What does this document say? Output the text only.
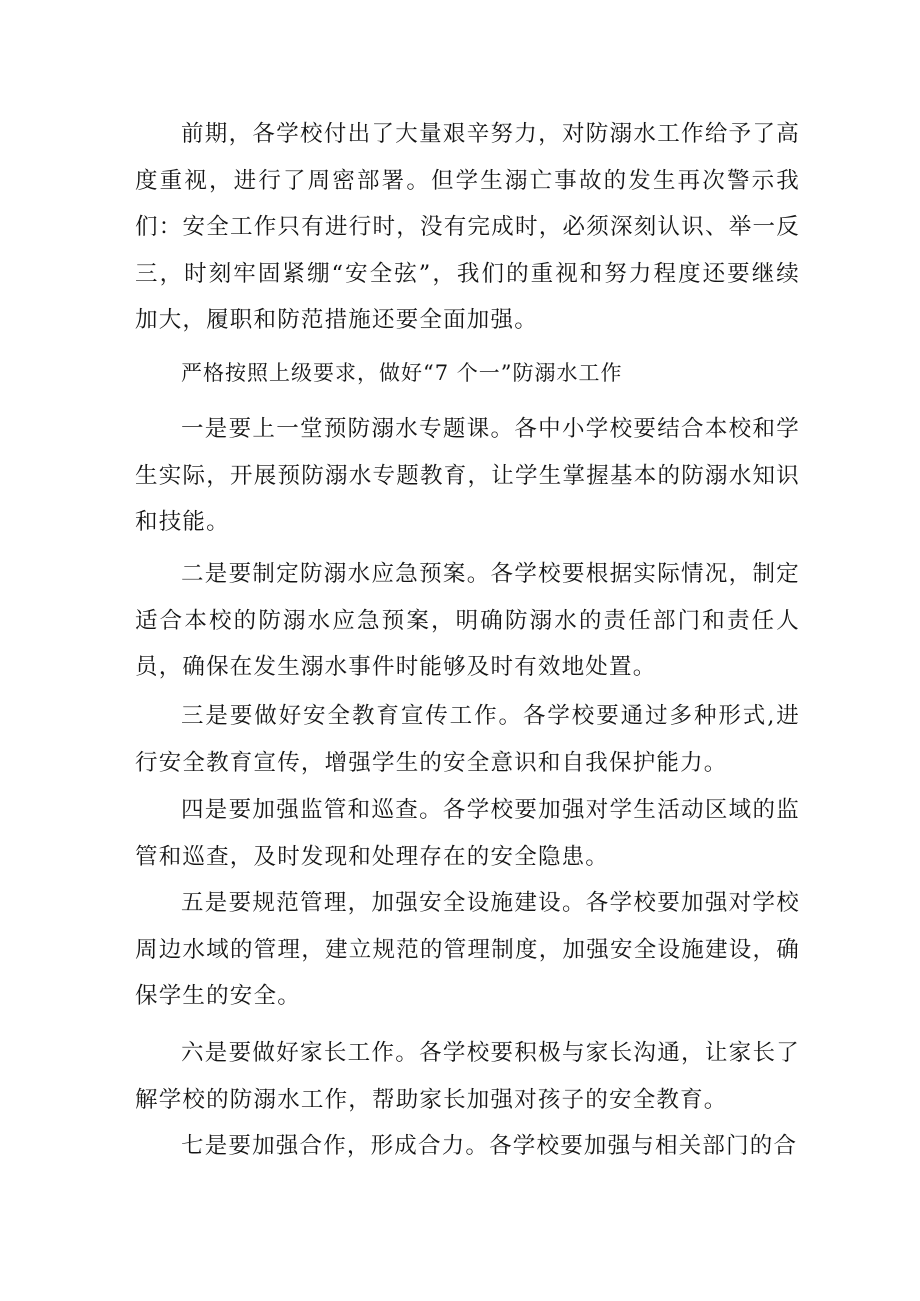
前期，各学校付出了大量艰辛努力，对防溺水工作给予了高度重视，进行了周密部署。但学生溺亡事故的发生再次警示我们：安全工作只有进行时，没有完成时，必须深刻认识、举一反三，时刻牢固紧绷“安全弦”，我们的重视和努力程度还要继续加大，履职和防范措施还要全面加强。

严格按照上级要求，做好“7 个一”防溺水工作

一是要上一堂预防溺水专题课。各中小学校要结合本校和学生实际，开展预防溺水专题教育，让学生掌握基本的防溺水知识和技能。

二是要制定防溺水应急预案。各学校要根据实际情况，制定适合本校的防溺水应急预案，明确防溺水的责任部门和责任人员，确保在发生溺水事件时能够及时有效地处置。

三是要做好安全教育宣传工作。各学校要通过多种形式,进行安全教育宣传，增强学生的安全意识和自我保护能力。

四是要加强监管和巡查。各学校要加强对学生活动区域的监管和巡查，及时发现和处理存在的安全隐患。

五是要规范管理，加强安全设施建设。各学校要加强对学校周边水域的管理，建立规范的管理制度，加强安全设施建设，确保学生的安全。

六是要做好家长工作。各学校要积极与家长沟通，让家长了解学校的防溺水工作，帮助家长加强对孩子的安全教育。

七是要加强合作，形成合力。各学校要加强与相关部门的合
